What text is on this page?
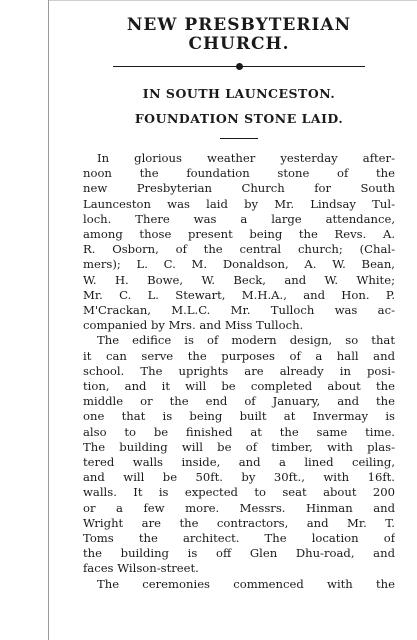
NEW PRESBYTERIAN CHURCH.
IN SOUTH LAUNCESTON.
FOUNDATION STONE LAID.

In glorious weather yesterday after-
noon the foundation stone of the
new Presbyterian Church for South
Launceston was laid by Mr. Lindsay Tul-
loch. There was a large attendance,
among those present being the Revs. A.
R. Osborn, of the central church; (Chal-
mers); L. C. M. Donaldson, A. W. Bean,
W. H. Bowe, W. Beck, and W. White;
Mr. C. L. Stewart, M.H.A., and Hon. P.
M'Crackan, M.L.C. Mr. Tulloch was ac-
companied by Mrs. and Miss Tulloch.

The edifice is of modern design, so that
it can serve the purposes of a hall and
school. The uprights are already in posi-
tion, and it will be completed about the
middle or the end of January, and the
one that is being built at Invermay is
also to be finished at the same time.
The building will be of timber, with plas-
tered walls inside, and a lined ceiling,
and will be 50ft. by 30ft., with 16ft.
walls. It is expected to seat about 200
or a few more. Messrs. Hinman and
Wright are the contractors, and Mr. T.
Toms the architect. The location of
the building is off Glen Dhu-road, and
faces Wilson-street.

The ceremonies commenced with the
